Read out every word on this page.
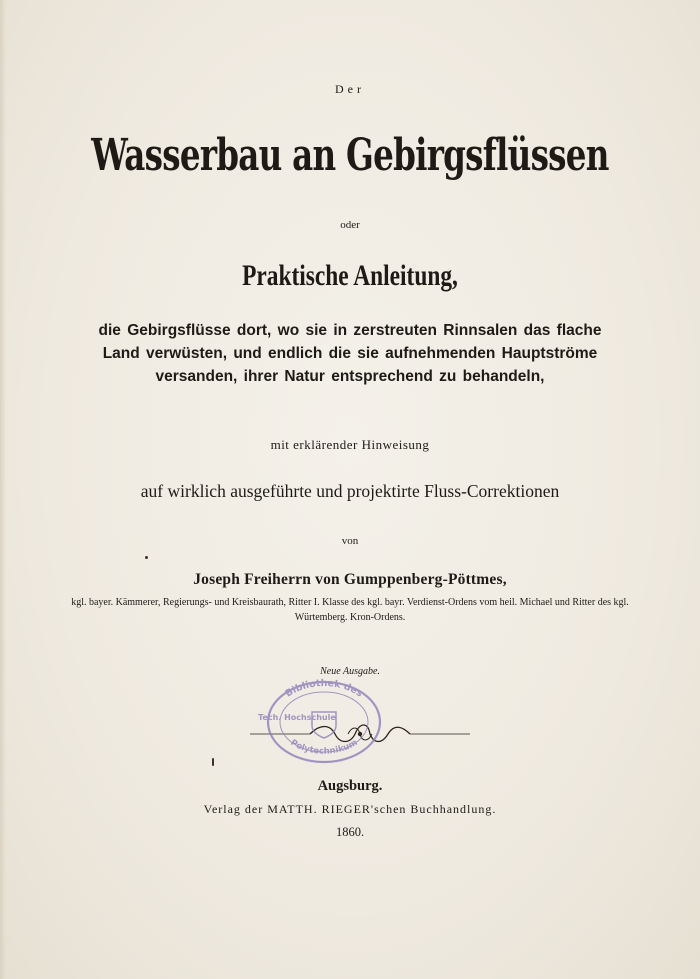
Der

Wasserbau an Gebirgsflüssen

oder

Praktische Anleitung,

die Gebirgsflüsse dort, wo sie in zerstreuten Rinnsalen das flache Land verwüsten, und endlich die sie aufnehmenden Hauptströme versanden, ihrer Natur entsprechend zu behandeln,

mit erklärender Hinweisung

auf wirklich ausgeführte und projektirte Fluss-Correktionen

von

Joseph Freiherrn von Gumppenberg-Pöttmes,

kgl. bayer. Kämmerer, Regierungs- und Kreisbaurath, Ritter I. Klasse des kgl. bayr. Verdienst-Ordens vom heil. Michael und Ritter des kgl. Würtemberg. Kron-Ordens.

Neue Ausgabe.

Bibliothek des
Polytechnikum
Tech. Hochschule

Augsburg.

Verlag der MATTH. RIEGER'schen Buchhandlung.

1860.
